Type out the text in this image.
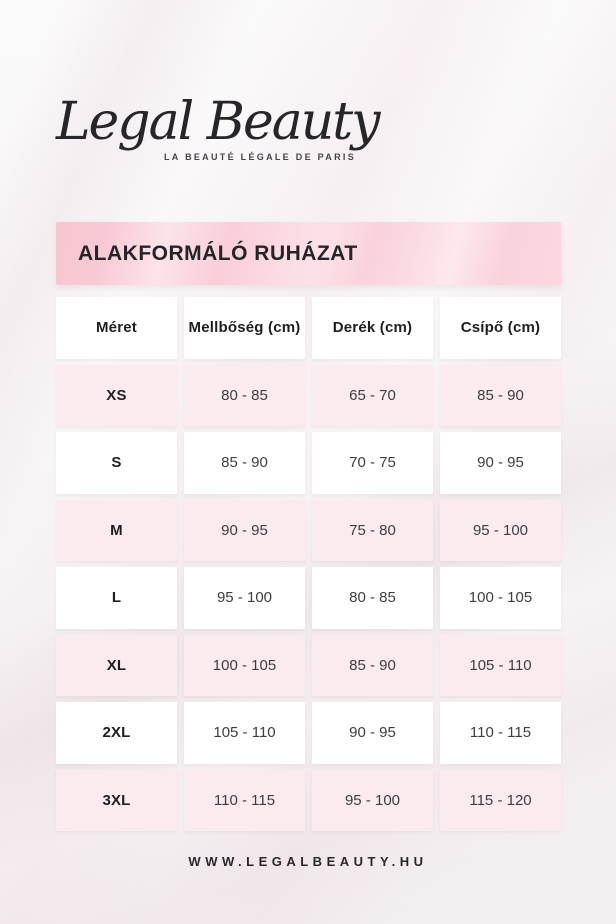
Legal Beauty
LA BEAUTÉ LÉGALE DE PARIS
ALAKFORMÁLÓ RUHÁZAT
Méret	Mellbőség (cm)	Derék (cm)	Csípő (cm)
XS	80 - 85	65 - 70	85 - 90
S	85 - 90	70 - 75	90 - 95
M	90 - 95	75 - 80	95 - 100
L	95 - 100	80 - 85	100 - 105
XL	100 - 105	85 - 90	105 - 110
2XL	105 - 110	90 - 95	110 - 115
3XL	110 - 115	95 - 100	115 - 120
WWW.LEGALBEAUTY.HU
